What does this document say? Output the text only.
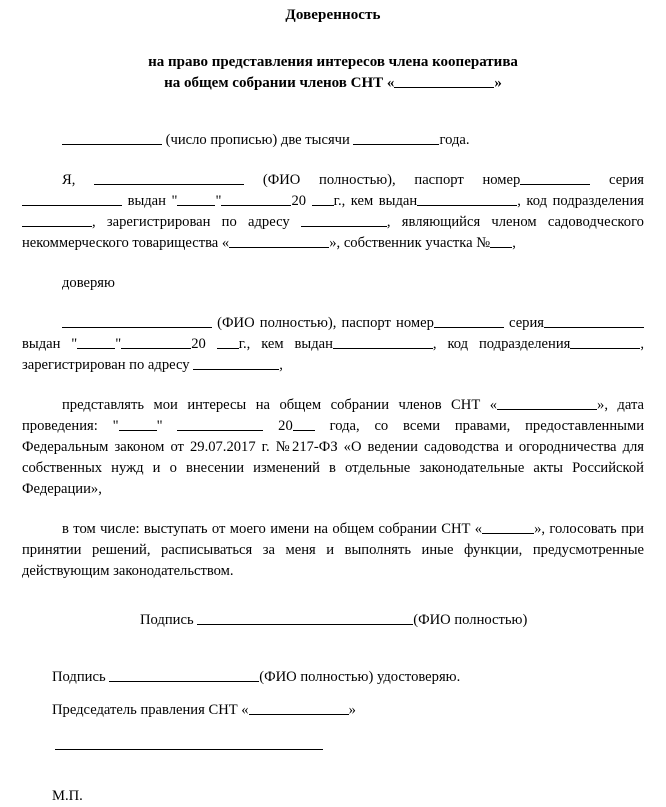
Доверенность
на право представления интересов члена кооператива
на общем собрании членов СНТ «	»

(число прописью) две тысячи	года.

Я,	(ФИО полностью), паспорт номер	серия выдан "	"	20 г., кем выдан	, код подразделения, зарегистрирован по адресу	, являющийся членом садоводческого некоммерческого товарищества «	», собственник участка № ,

доверяю

(ФИО полностью), паспорт номер	серия выдан "	"	20 г., кем выдан	, код подразделения	, зарегистрирован по адресу	,

представлять мои интересы на общем собрании членов СНТ «	», дата проведения: "	"	20 года, со всеми правами, предоставленными Федеральным законом от 29.07.2017 г. №217-ФЗ «О ведении садоводства и огородничества для собственных нужд и о внесении изменений в отдельные законодательные акты Российской Федерации»,

в том числе: выступать от моего имени на общем собрании СНТ «	», голосовать при принятии решений, расписываться за меня и выполнять иные функции, предусмотренные действующим законодательством.

Подпись	(ФИО полностью)

Подпись	(ФИО полностью) удостоверяю.

Председатель правления СНТ «	»

М.П.
